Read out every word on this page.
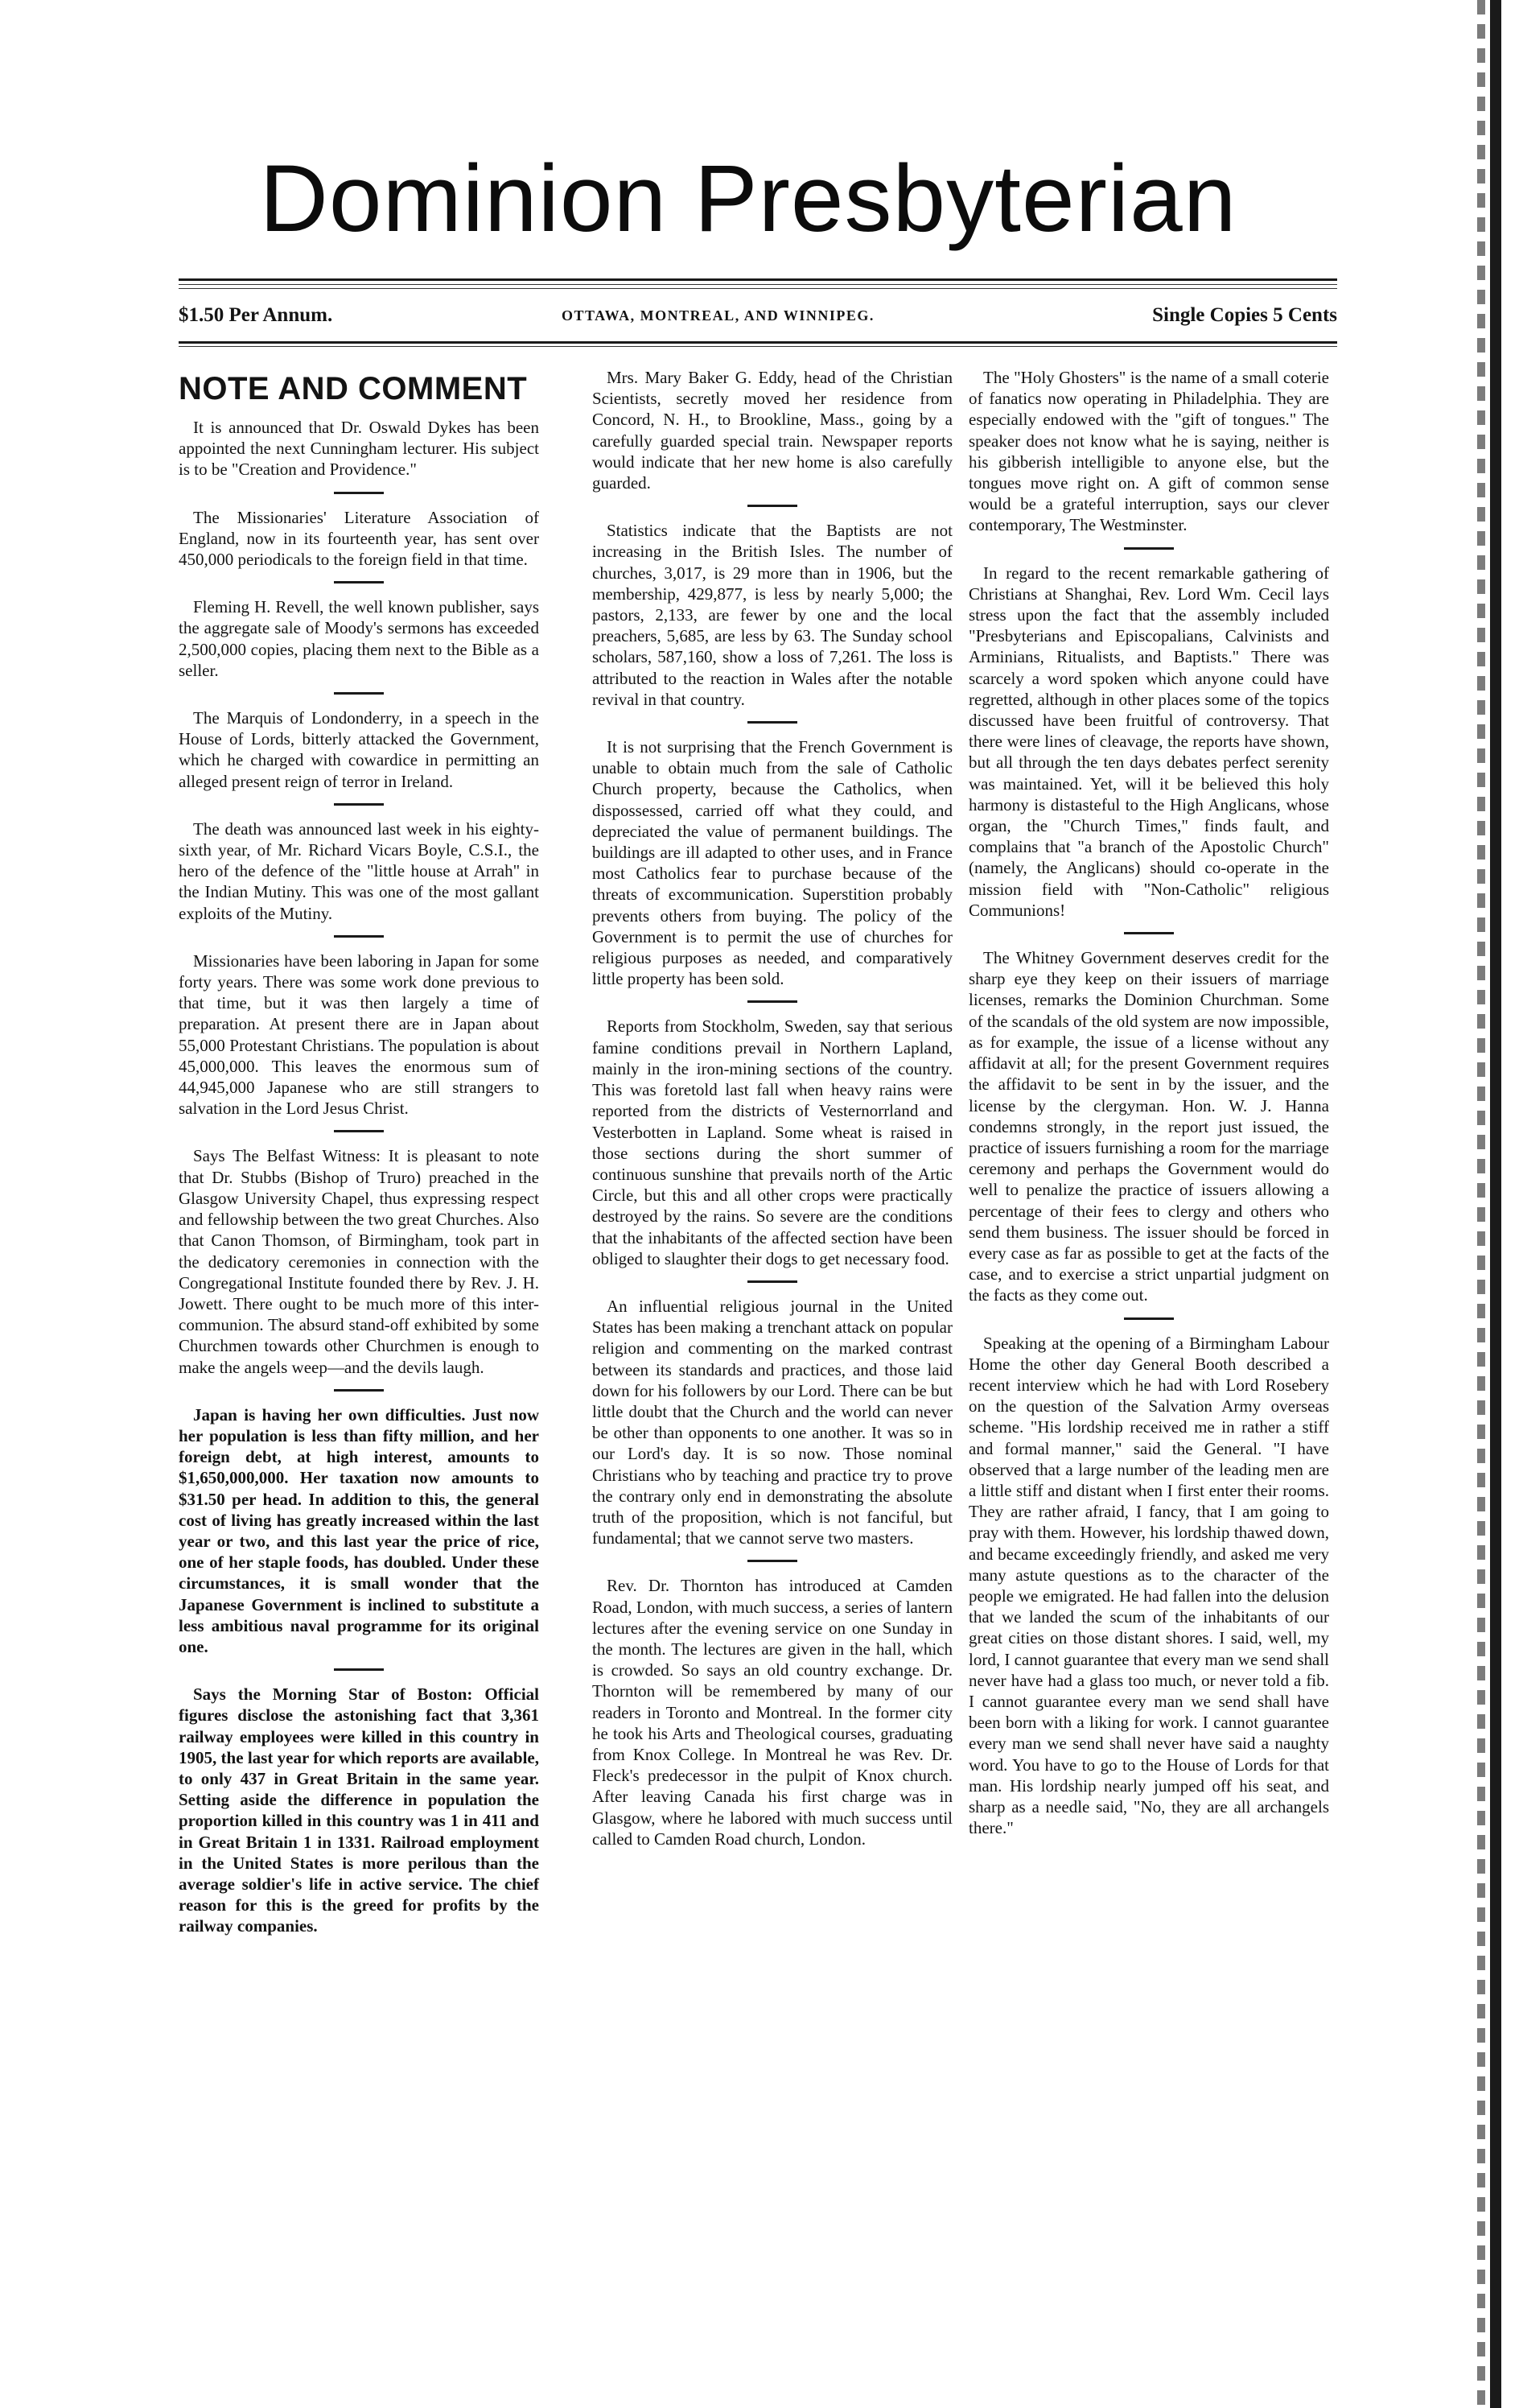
Dominion Presbyterian
$1.50 Per Annum.	OTTAWA, MONTREAL, AND WINNIPEG.	Single Copies 5 Cents
NOTE AND COMMENT

It is announced that Dr. Oswald Dykes has been appointed the next Cunningham lecturer. His subject is to be "Creation and Providence."

The Missionaries' Literature Association of England, now in its fourteenth year, has sent over 450,000 periodicals to the foreign field in that time.

Fleming H. Revell, the well known publisher, says the aggregate sale of Moody's sermons has exceeded 2,500,000 copies, placing them next to the Bible as a seller.

The Marquis of Londonderry, in a speech in the House of Lords, bitterly attacked the Government, which he charged with cowardice in permitting an alleged present reign of terror in Ireland.

The death was announced last week in his eighty-sixth year, of Mr. Richard Vicars Boyle, C.S.I., the hero of the defence of the "little house at Arrah" in the Indian Mutiny. This was one of the most gallant exploits of the Mutiny.

Missionaries have been laboring in Japan for some forty years. There was some work done previous to that time, but it was then largely a time of preparation. At present there are in Japan about 55,000 Protestant Christians. The population is about 45,000,000. This leaves the enormous sum of 44,945,000 Japanese who are still strangers to salvation in the Lord Jesus Christ.

Says The Belfast Witness: It is pleasant to note that Dr. Stubbs (Bishop of Truro) preached in the Glasgow University Chapel, thus expressing respect and fellowship between the two great Churches. Also that Canon Thomson, of Birmingham, took part in the dedicatory ceremonies in connection with the Congregational Institute founded there by Rev. J. H. Jowett. There ought to be much more of this inter-communion. The absurd stand-off exhibited by some Churchmen towards other Churchmen is enough to make the angels weep—and the devils laugh.

Japan is having her own difficulties. Just now her population is less than fifty million, and her foreign debt, at high interest, amounts to $1,650,000,000. Her taxation now amounts to $31.50 per head. In addition to this, the general cost of living has greatly increased within the last year or two, and this last year the price of rice, one of her staple foods, has doubled. Under these circumstances, it is small wonder that the Japanese Government is inclined to substitute a less ambitious naval programme for its original one.

Says the Morning Star of Boston: Official figures disclose the astonishing fact that 3,361 railway employees were killed in this country in 1905, the last year for which reports are available, to only 437 in Great Britain in the same year. Setting aside the difference in population the proportion killed in this country was 1 in 411 and in Great Britain 1 in 1331. Railroad employment in the United States is more perilous than the average soldier's life in active service. The chief reason for this is the greed for profits by the railway companies.

Mrs. Mary Baker G. Eddy, head of the Christian Scientists, secretly moved her residence from Concord, N. H., to Brookline, Mass., going by a carefully guarded special train. Newspaper reports would indicate that her new home is also carefully guarded.

Statistics indicate that the Baptists are not increasing in the British Isles. The number of churches, 3,017, is 29 more than in 1906, but the membership, 429,877, is less by nearly 5,000; the pastors, 2,133, are fewer by one and the local preachers, 5,685, are less by 63. The Sunday school scholars, 587,160, show a loss of 7,261. The loss is attributed to the reaction in Wales after the notable revival in that country.

It is not surprising that the French Government is unable to obtain much from the sale of Catholic Church property, because the Catholics, when dispossessed, carried off what they could, and depreciated the value of permanent buildings. The buildings are ill adapted to other uses, and in France most Catholics fear to purchase because of the threats of excommunication. Superstition probably prevents others from buying. The policy of the Government is to permit the use of churches for religious purposes as needed, and comparatively little property has been sold.

Reports from Stockholm, Sweden, say that serious famine conditions prevail in Northern Lapland, mainly in the iron-mining sections of the country. This was foretold last fall when heavy rains were reported from the districts of Vesternorrland and Vesterbotten in Lapland. Some wheat is raised in those sections during the short summer of continuous sunshine that prevails north of the Artic Circle, but this and all other crops were practically destroyed by the rains. So severe are the conditions that the inhabitants of the affected section have been obliged to slaughter their dogs to get necessary food.

An influential religious journal in the United States has been making a trenchant attack on popular religion and commenting on the marked contrast between its standards and practices, and those laid down for his followers by our Lord. There can be but little doubt that the Church and the world can never be other than opponents to one another. It was so in our Lord's day. It is so now. Those nominal Christians who by teaching and practice try to prove the contrary only end in demonstrating the absolute truth of the proposition, which is not fanciful, but fundamental; that we cannot serve two masters.

Rev. Dr. Thornton has introduced at Camden Road, London, with much success, a series of lantern lectures after the evening service on one Sunday in the month. The lectures are given in the hall, which is crowded. So says an old country exchange. Dr. Thornton will be remembered by many of our readers in Toronto and Montreal. In the former city he took his Arts and Theological courses, graduating from Knox College. In Montreal he was Rev. Dr. Fleck's predecessor in the pulpit of Knox church. After leaving Canada his first charge was in Glasgow, where he labored with much success until called to Camden Road church, London.

The "Holy Ghosters" is the name of a small coterie of fanatics now operating in Philadelphia. They are especially endowed with the "gift of tongues." The speaker does not know what he is saying, neither is his gibberish intelligible to anyone else, but the tongues move right on. A gift of common sense would be a grateful interruption, says our clever contemporary, The Westminster.

In regard to the recent remarkable gathering of Christians at Shanghai, Rev. Lord Wm. Cecil lays stress upon the fact that the assembly included "Presbyterians and Episcopalians, Calvinists and Arminians, Ritualists, and Baptists." There was scarcely a word spoken which anyone could have regretted, although in other places some of the topics discussed have been fruitful of controversy. That there were lines of cleavage, the reports have shown, but all through the ten days debates perfect serenity was maintained. Yet, will it be believed this holy harmony is distasteful to the High Anglicans, whose organ, the "Church Times," finds fault, and complains that "a branch of the Apostolic Church" (namely, the Anglicans) should co-operate in the mission field with "Non-Catholic" religious Communions!

The Whitney Government deserves credit for the sharp eye they keep on their issuers of marriage licenses, remarks the Dominion Churchman. Some of the scandals of the old system are now impossible, as for example, the issue of a license without any affidavit at all; for the present Government requires the affidavit to be sent in by the issuer, and the license by the clergyman. Hon. W. J. Hanna condemns strongly, in the report just issued, the practice of issuers furnishing a room for the marriage ceremony and perhaps the Government would do well to penalize the practice of issuers allowing a percentage of their fees to clergy and others who send them business. The issuer should be forced in every case as far as possible to get at the facts of the case, and to exercise a strict unpartial judgment on the facts as they come out.

Speaking at the opening of a Birmingham Labour Home the other day General Booth described a recent interview which he had with Lord Rosebery on the question of the Salvation Army overseas scheme. "His lordship received me in rather a stiff and formal manner," said the General. "I have observed that a large number of the leading men are a little stiff and distant when I first enter their rooms. They are rather afraid, I fancy, that I am going to pray with them. However, his lordship thawed down, and became exceedingly friendly, and asked me very many astute questions as to the character of the people we emigrated. He had fallen into the delusion that we landed the scum of the inhabitants of our great cities on those distant shores. I said, well, my lord, I cannot guarantee that every man we send shall never have had a glass too much, or never told a fib. I cannot guarantee every man we send shall have been born with a liking for work. I cannot guarantee every man we send shall never have said a naughty word. You have to go to the House of Lords for that man. His lordship nearly jumped off his seat, and sharp as a needle said, "No, they are all archangels there."
